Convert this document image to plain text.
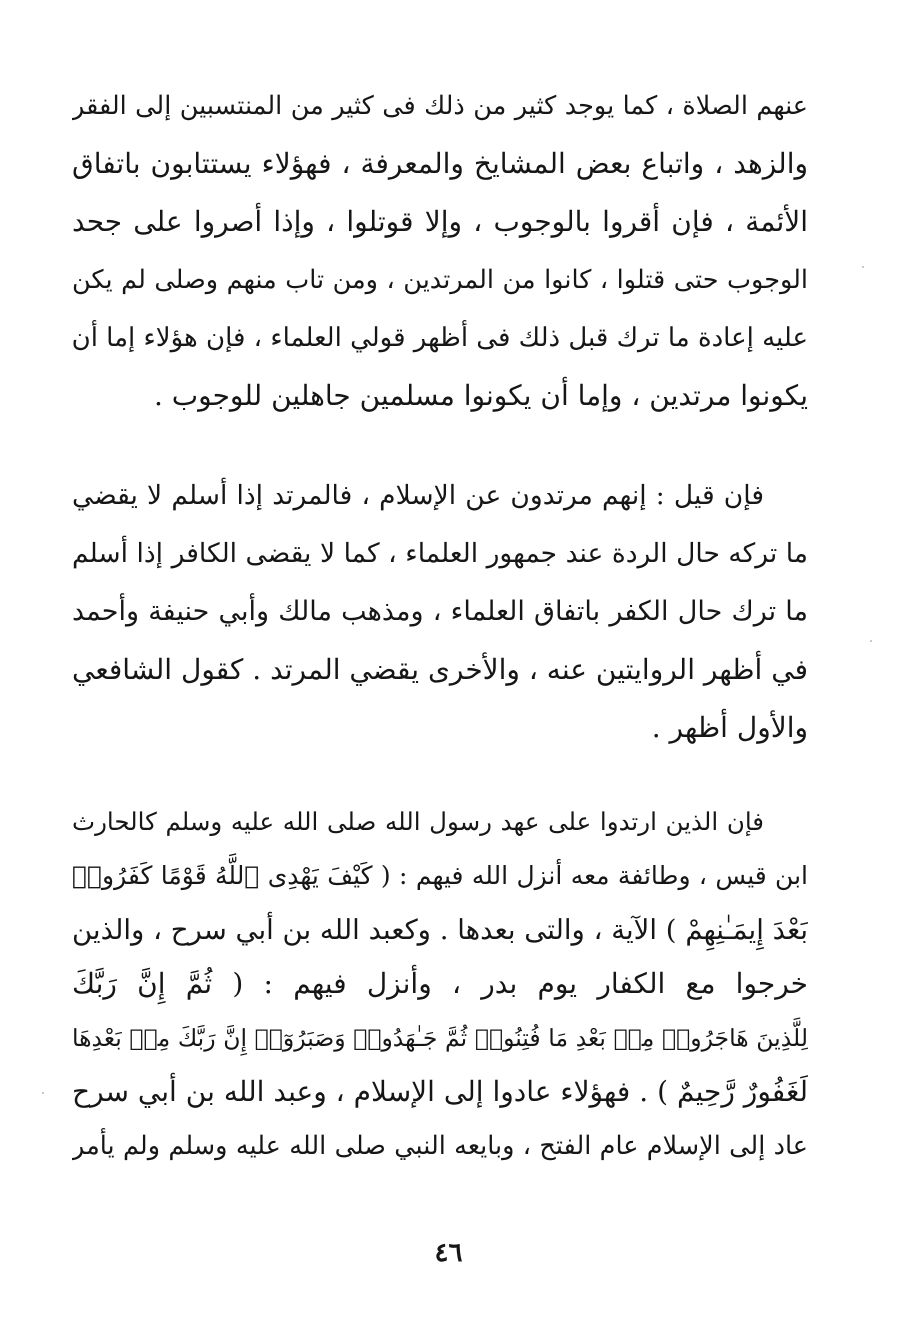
عنهم الصلاة ، كما يوجد كثير من ذلك فى كثير من المنتسبين إلى الفقر
والزهد ، واتباع بعض المشايخ والمعرفة ، فهؤلاء يستتابون باتفاق
الأئمة ، فإن أقروا بالوجوب ، وإلا قوتلوا ، وإذا أصروا على جحد
الوجوب حتى قتلوا ، كانوا من المرتدين ، ومن تاب منهم وصلى لم يكن
عليه إعادة ما ترك قبل ذلك فى أظهر قولي العلماء ، فإن هؤلاء إما أن
يكونوا مرتدين ، وإما أن يكونوا مسلمين جاهلين للوجوب .
فإن قيل : إنهم مرتدون عن الإسلام ، فالمرتد إذا أسلم لا يقضي
ما تركه حال الردة عند جمهور العلماء ، كما لا يقضى الكافر إذا أسلم
ما ترك حال الكفر باتفاق العلماء ، ومذهب مالك وأبي حنيفة وأحمد
في أظهر الروايتين عنه ، والأخرى يقضي المرتد . كقول الشافعي
والأول أظهر .
فإن الذين ارتدوا على عهد رسول الله صلى الله عليه وسلم كالحارث
ابن قيس ، وطائفة معه أنزل الله فيهم : ( كَيْفَ يَهْدِى ٱللَّهُ قَوْمًا كَفَرُوا۟
بَعْدَ إِيمَـٰنِهِمْ ) الآية ، والتى بعدها . وكعبد الله بن أبي سرح ، والذين
خرجوا مع الكفار يوم بدر ، وأنزل فيهم : ( ثُمَّ إِنَّ رَبَّكَ
لِلَّذِينَ هَاجَرُوا۟ مِنۢ بَعْدِ مَا فُتِنُوا۟ ثُمَّ جَـٰهَدُوا۟ وَصَبَرُوٓا۟ إِنَّ رَبَّكَ مِنۢ بَعْدِهَا
لَغَفُورٌ رَّحِيمٌ ) . فهؤلاء عادوا إلى الإسلام ، وعبد الله بن أبي سرح
عاد إلى الإسلام عام الفتح ، وبايعه النبي صلى الله عليه وسلم ولم يأمر
٤٦
